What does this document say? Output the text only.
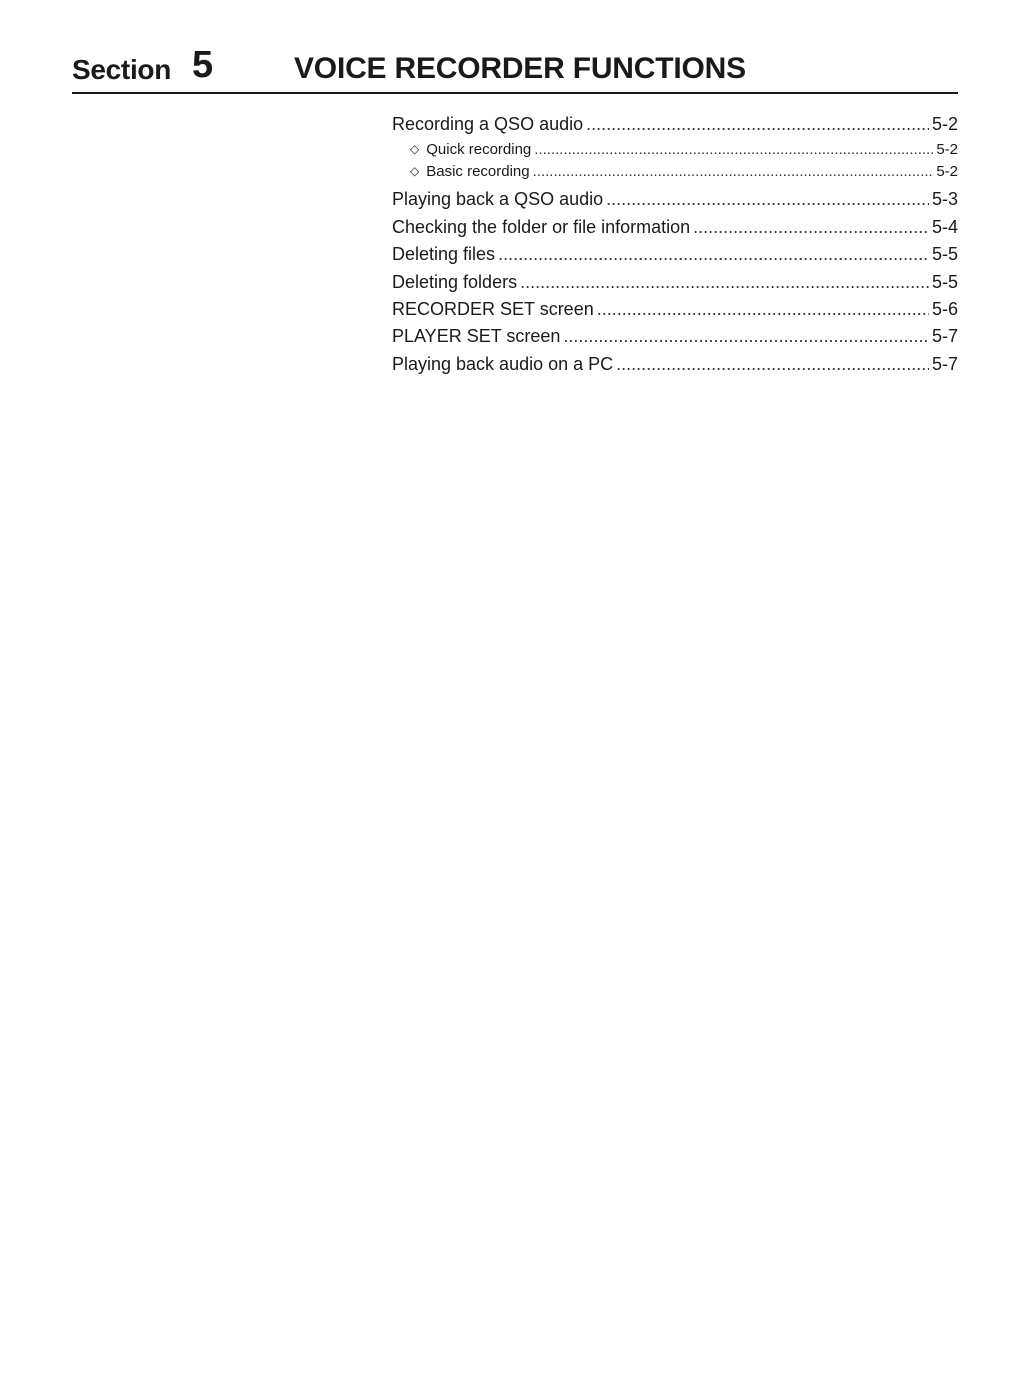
Section 5	VOICE RECORDER FUNCTIONS
Recording a QSO audio .....	5-2
◇ Quick recording .....	5-2
◇ Basic recording .....	5-2
Playing back a QSO audio .....	5-3
Checking the folder or file information .....	5-4
Deleting files .....	5-5
Deleting folders .....	5-5
RECORDER SET screen .....	5-6
PLAYER SET screen .....	5-7
Playing back audio on a PC .....	5-7
